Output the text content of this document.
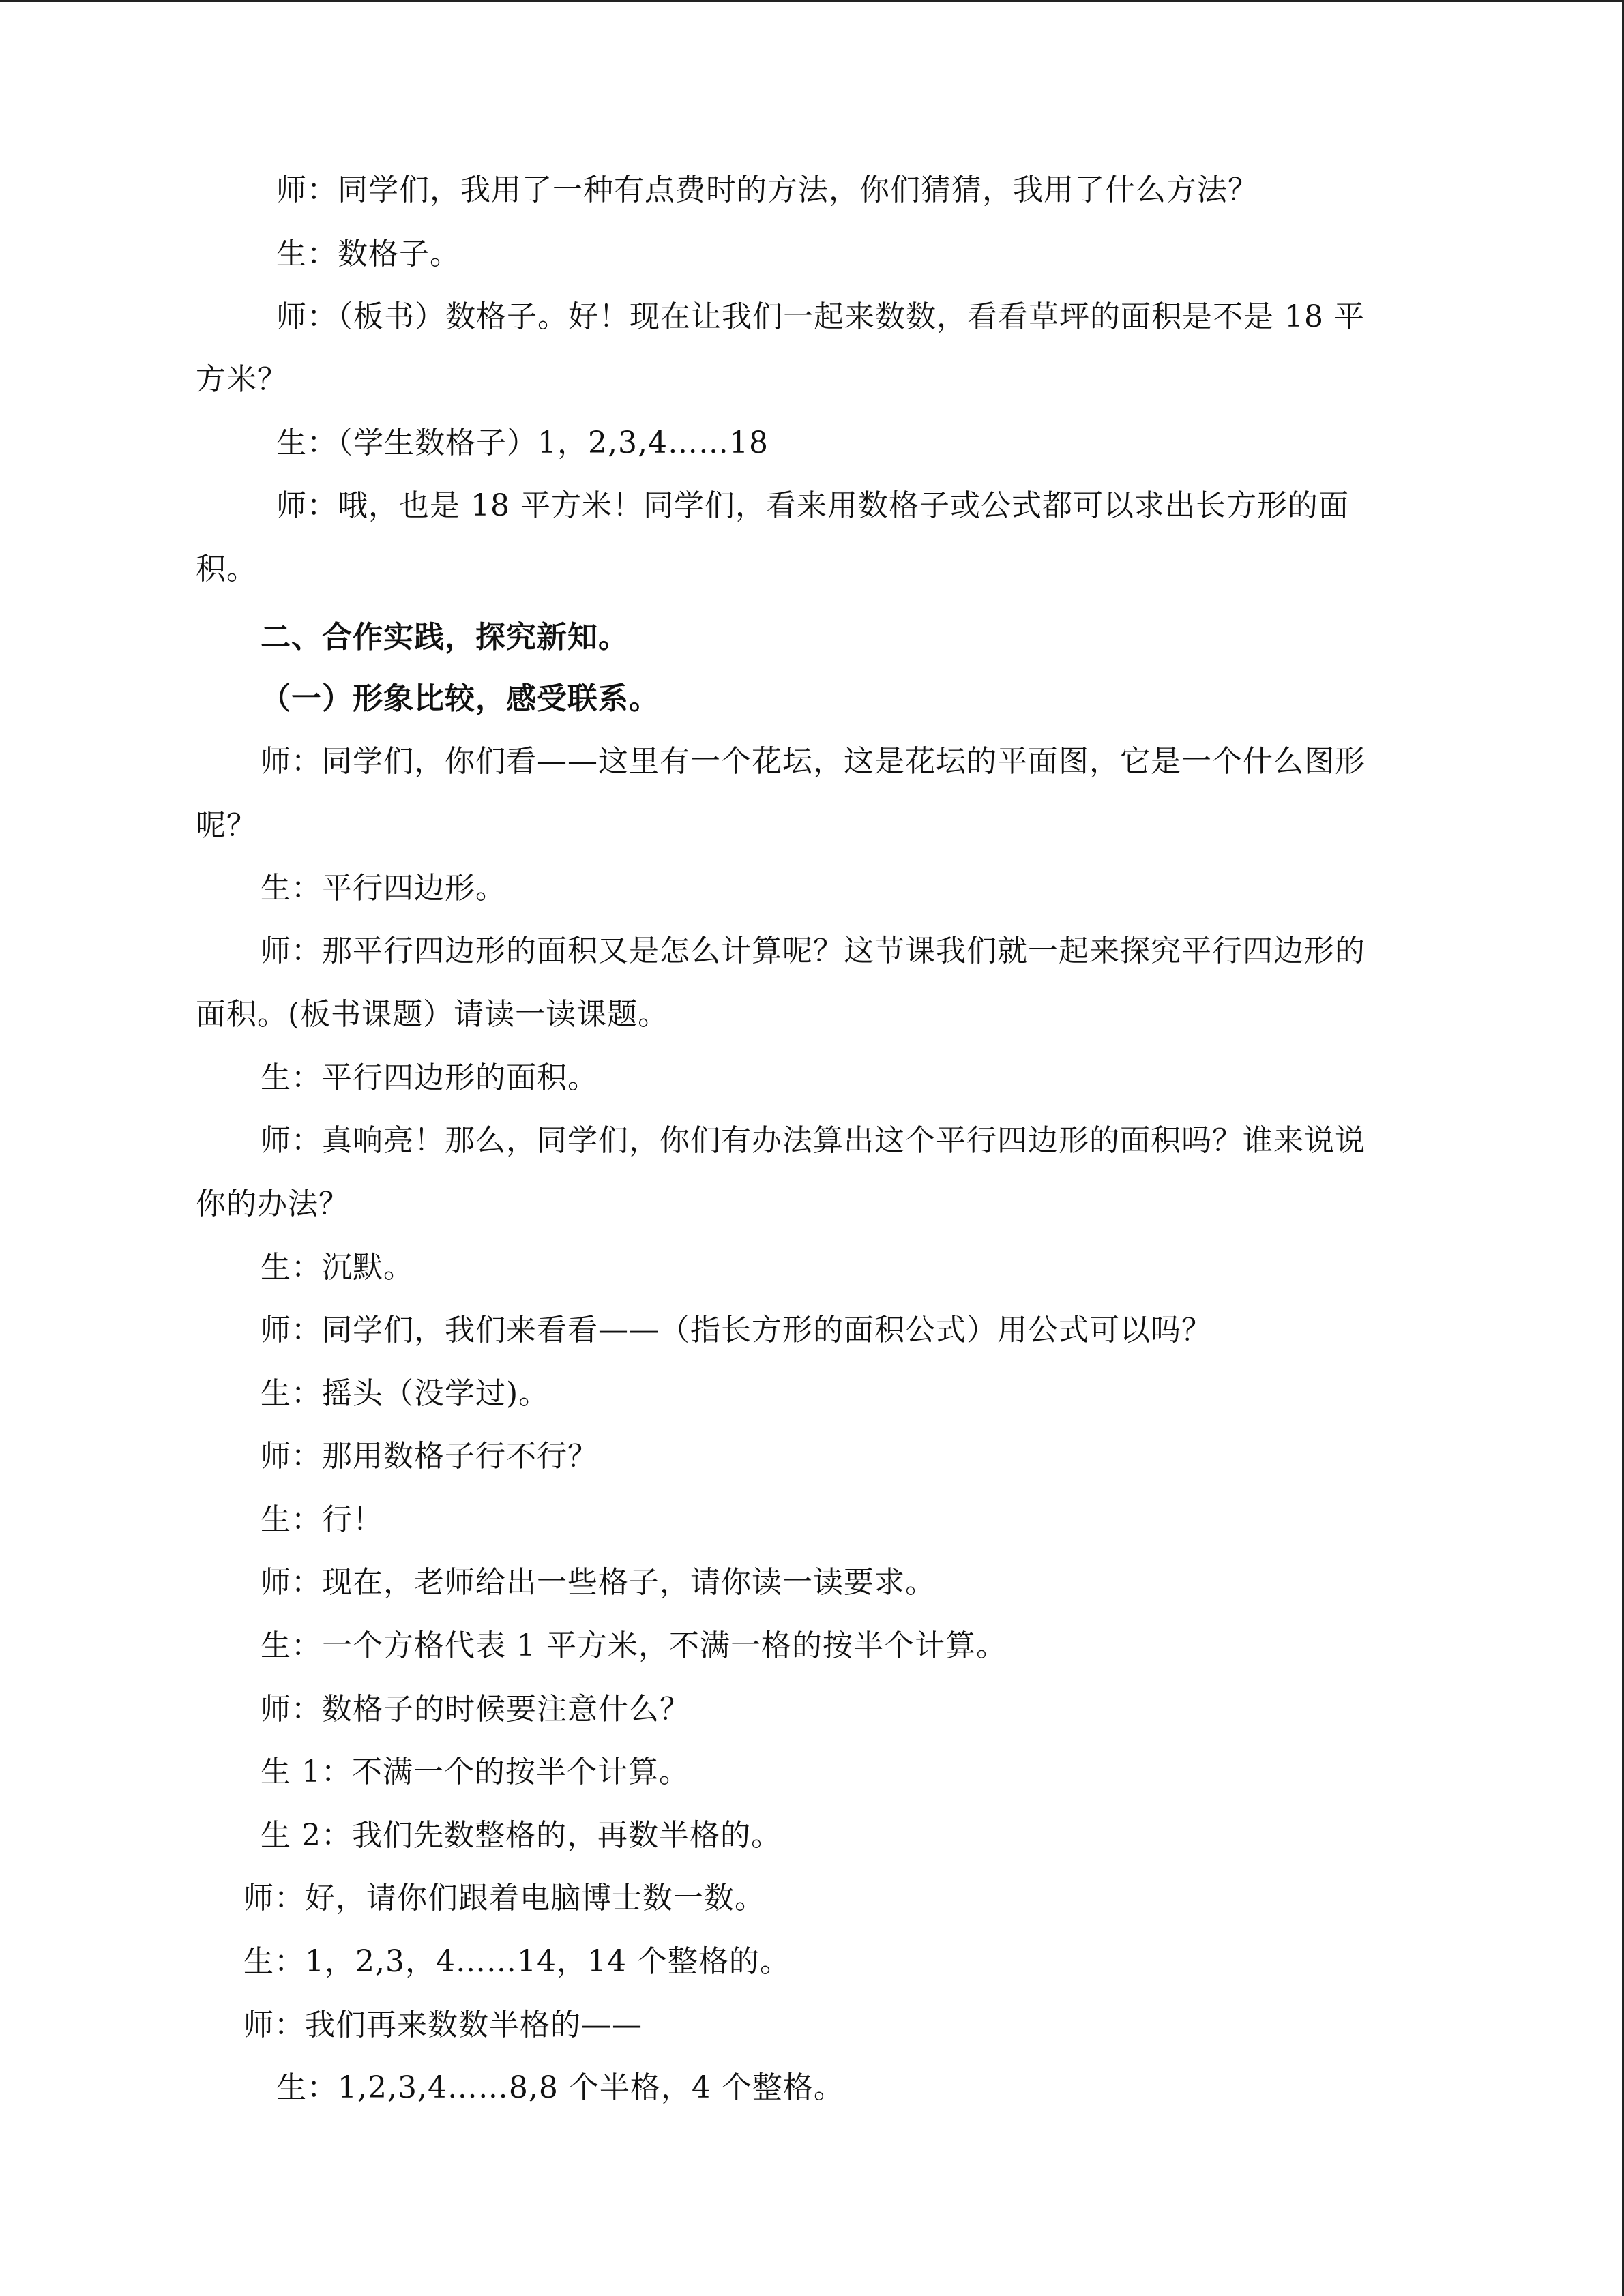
师：同学们，我用了一种有点费时的方法，你们猜猜，我用了什么方法？
生：数格子。
师：（板书）数格子。好！现在让我们一起来数数，看看草坪的面积是不是 18 平
方米？
生：（学生数格子）1，2,3,4……18
师：哦，也是 18 平方米！同学们，看来用数格子或公式都可以求出长方形的面
积。
二、合作实践，探究新知。
（一）形象比较，感受联系。
师：同学们，你们看——这里有一个花坛，这是花坛的平面图，它是一个什么图形
呢？
生：平行四边形。
师：那平行四边形的面积又是怎么计算呢？这节课我们就一起来探究平行四边形的
面积。(板书课题）请读一读课题。
生：平行四边形的面积。
师：真响亮！那么，同学们，你们有办法算出这个平行四边形的面积吗？谁来说说
你的办法？
生：沉默。
师：同学们，我们来看看——（指长方形的面积公式）用公式可以吗？
生：摇头（没学过)。
师：那用数格子行不行？
生：行！
师：现在，老师给出一些格子，请你读一读要求。
生：一个方格代表 1 平方米，不满一格的按半个计算。
师：数格子的时候要注意什么？
生 1：不满一个的按半个计算。
生 2：我们先数整格的，再数半格的。
师：好，请你们跟着电脑博士数一数。
生：1，2,3，4……14，14 个整格的。
师：我们再来数数半格的——
生：1,2,3,4……8,8 个半格，4 个整格。
